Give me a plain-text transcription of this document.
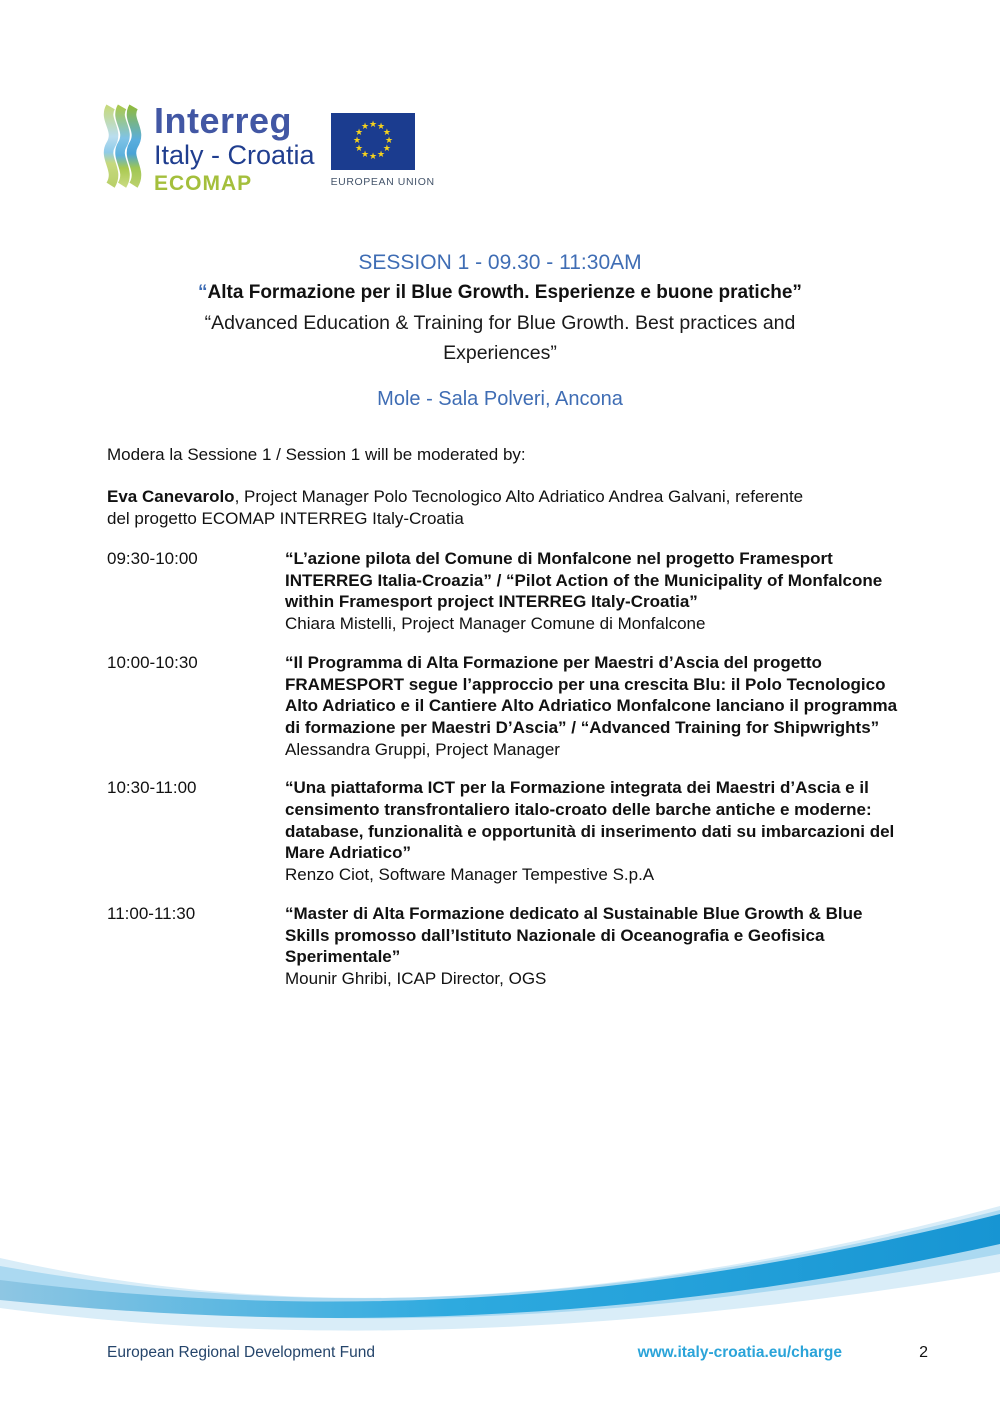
Interreg
Italy - Croatia
ECOMAP
★ ★
★
★
★
★
★
★
★
★
★
★
EUROPEAN UNION
SESSION 1 - 09.30 - 11:30AM
“Alta Formazione per il Blue Growth. Esperienze e buone pratiche”
“Advanced Education & Training for Blue Growth. Best practices and Experiences”
Mole - Sala Polveri, Ancona

Modera la Sessione 1 / Session 1 will be moderated by:

Eva Canevarolo, Project Manager Polo Tecnologico Alto Adriatico Andrea Galvani, referente del progetto ECOMAP INTERREG Italy-Croatia

09:30-10:00	“L’azione pilota del Comune di Monfalcone nel progetto Framesport INTERREG Italia-Croazia” / “Pilot Action of the Municipality of Monfalcone within Framesport project INTERREG Italy-Croatia”
Chiara Mistelli, Project Manager Comune di Monfalcone
10:00-10:30	“Il Programma di Alta Formazione per Maestri d’Ascia del progetto FRAMESPORT segue l’approccio per una crescita Blu: il Polo Tecnologico Alto Adriatico e il Cantiere Alto Adriatico Monfalcone lanciano il programma di formazione per Maestri D’Ascia” / “Advanced Training for Shipwrights”
Alessandra Gruppi, Project Manager
10:30-11:00	“Una piattaforma ICT per la Formazione integrata dei Maestri d’Ascia e il censimento transfrontaliero italo-croato delle barche antiche e moderne: database, funzionalità e opportunità di inserimento dati su imbarcazioni del Mare Adriatico”
Renzo Ciot, Software Manager Tempestive S.p.A
11:00-11:30	“Master di Alta Formazione dedicato al Sustainable Blue Growth & Blue Skills promosso dall’Istituto Nazionale di Oceanografia e Geofisica Sperimentale”
Mounir Ghribi, ICAP Director, OGS
European Regional Development Fund	www.italy-croatia.eu/charge	2
